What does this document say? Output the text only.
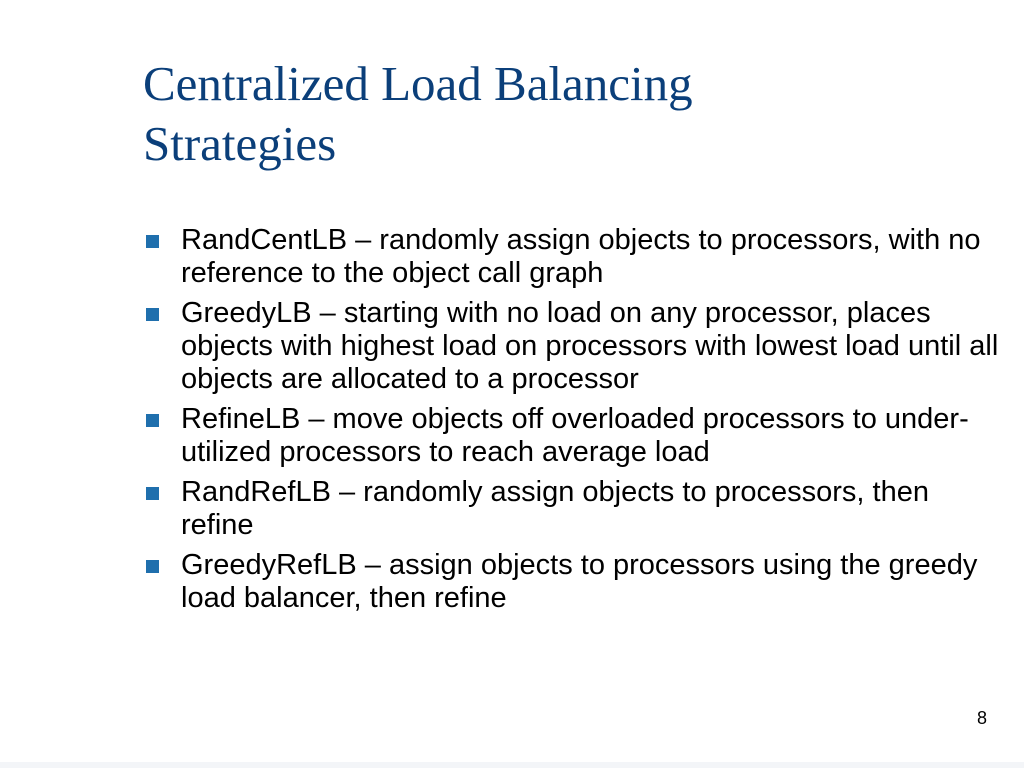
Centralized Load Balancing
Strategies
RandCentLB – randomly assign objects to processors, with no reference to the object call graph
GreedyLB – starting with no load on any processor, places objects with highest load on processors with lowest load until all objects are allocated to a processor
RefineLB – move objects off overloaded processors to under-utilized processors to reach average load
RandRefLB – randomly assign objects to processors, then refine
GreedyRefLB – assign objects to processors using the greedy load balancer, then refine
8
